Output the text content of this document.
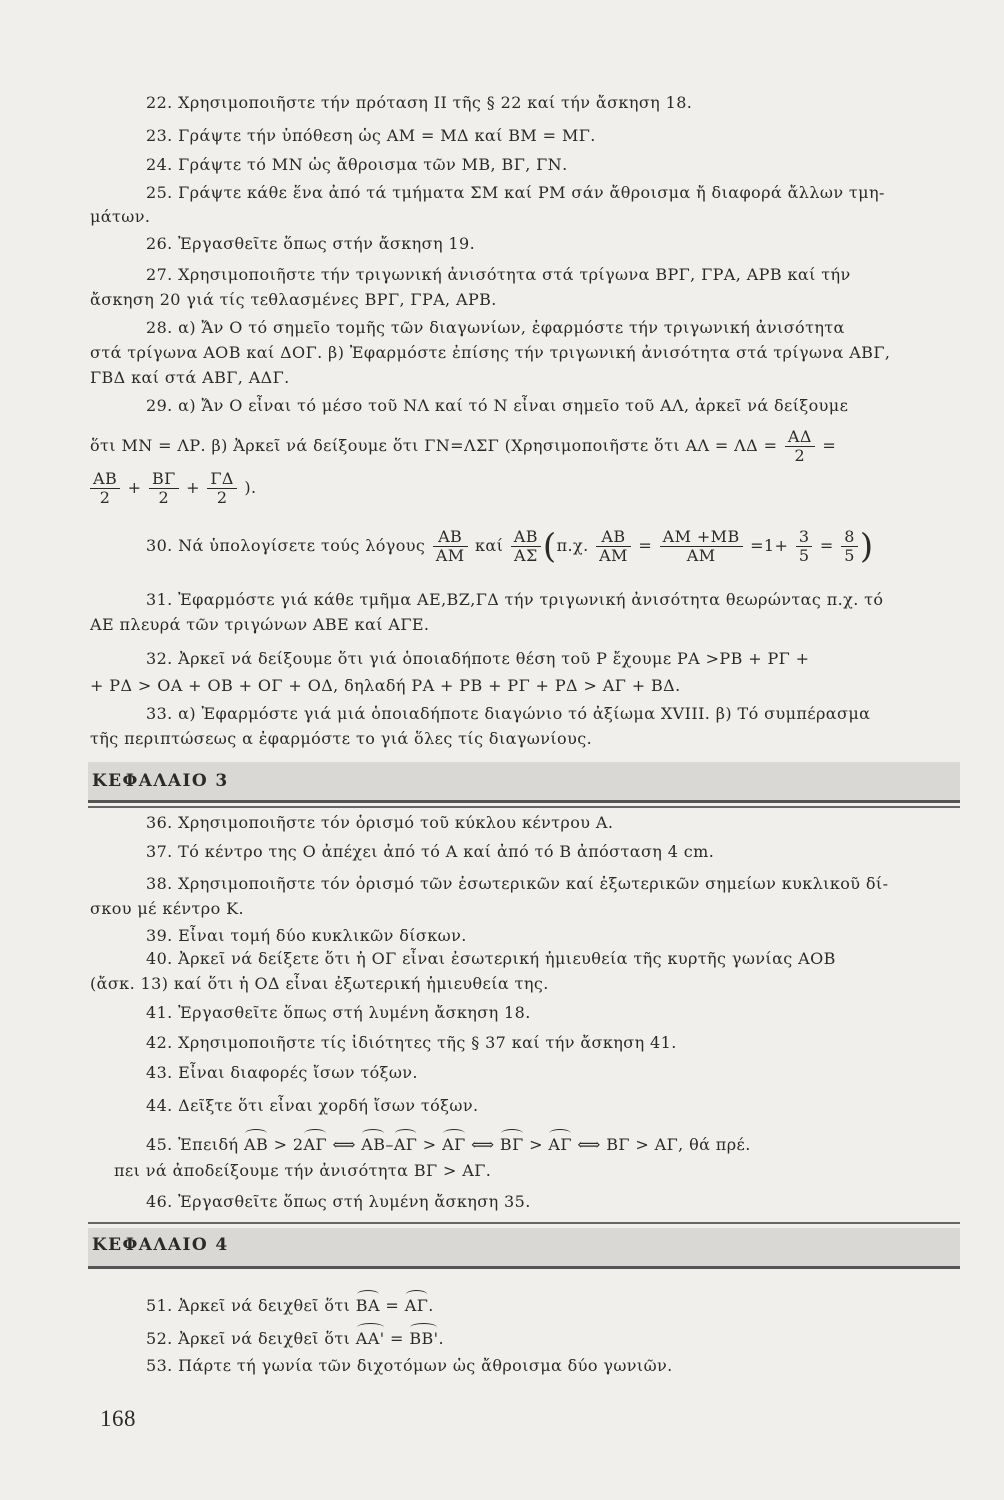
22. Χρησιμοποιῆστε τήν πρόταση II τῆς § 22 καί τήν ἄσκηση 18.
23. Γράψτε τήν ὑπόθεση ὡς ΑΜ = ΜΔ καί ΒΜ = ΜΓ.
24. Γράψτε τό ΜΝ ὡς ἄθροισμα τῶν ΜΒ, ΒΓ, ΓΝ.
25. Γράψτε κάθε ἕνα ἀπό τά τμήματα ΣΜ καί ΡΜ σάν ἄθροισμα ἤ διαφορά ἄλλων τμη-
μάτων.
26. Ἐργασθεῖτε ὅπως στήν ἄσκηση 19.
27. Χρησιμοποιῆστε τήν τριγωνική ἀνισότητα στά τρίγωνα ΒΡΓ, ΓΡΑ, ΑΡΒ καί τήν
ἄσκηση 20 γιά τίς τεθλασμένες ΒΡΓ, ΓΡΑ, ΑΡΒ.
28. α) Ἄν Ο τό σημεῖο τομῆς τῶν διαγωνίων, ἐφαρμόστε τήν τριγωνική ἀνισότητα
στά τρίγωνα ΑΟΒ καί ΔΟΓ. β) Ἐφαρμόστε ἐπίσης τήν τριγωνική ἀνισότητα στά τρίγωνα ΑΒΓ,
ΓΒΔ καί στά ΑΒΓ, ΑΔΓ.
29. α) Ἄν Ο εἶναι τό μέσο τοῦ ΝΛ καί τό Ν εἶναι σημεῖο τοῦ ΑΛ, ἀρκεῖ νά δείξουμε
ὅτι ΜΝ = ΛΡ. β) Ἀρκεῖ νά δείξουμε ὅτι ΓΝ=ΛΣΓ (Χρησιμοποιῆστε ὅτι $A\Lambda = \Lambda\Delta = \frac{A\Delta}{2}$ =
$\frac{AB}{2} + \frac{B\Gamma}{2} + \frac{\Gamma\Delta}{2}$ ).
30. Νά ὑπολογίσετε τούς λόγους $\frac{AB}{AM}$ καί $\frac{AB}{A\Sigma} (\pi.\chi$. $\frac{AB}{AM} = \frac{AM +MB}{AM} =1+ \frac{3}{5} = \frac{8}{5}$ )
31. Ἐφαρμόστε γιά κάθε τμῆμα ΑΕ,ΒΖ,ΓΔ τήν τριγωνική ἀνισότητα θεωρώντας π.χ. τό
ΑΕ πλευρά τῶν τριγώνων ΑΒΕ καί ΑΓΕ.
32. Ἀρκεῖ νά δείξουμε ὅτι γιά ὁποιαδήποτε θέση τοῦ Ρ ἔχουμε ΡΑ >ΡΒ + ΡΓ +
+ ΡΔ > ΟΑ + ΟΒ + ΟΓ + ΟΔ, δηλαδή ΡΑ + ΡΒ + ΡΓ + ΡΔ > ΑΓ + ΒΔ.
33. α) Ἐφαρμόστε γιά μιά ὁποιαδήποτε διαγώνιο τό ἀξίωμα XVIII. β) Τό συμπέρασμα
τῆς περιπτώσεως α ἐφαρμόστε το γιά ὅλες τίς διαγωνίους.
ΚΕΦΑΛΑΙΟ 3
36. Χρησιμοποιῆστε τόν ὁρισμό τοῦ κύκλου κέντρου Α.
37. Τό κέντρο της Ο ἀπέχει ἀπό τό Α καί ἀπό τό Β ἀπόσταση 4 cm.
38. Χρησιμοποιῆστε τόν ὁρισμό τῶν ἐσωτερικῶν καί ἐξωτερικῶν σημείων κυκλικοῦ δί-
σκου μέ κέντρο Κ.
39. Εἶναι τομή δύο κυκλικῶν δίσκων.
40. Ἀρκεῖ νά δείξετε ὅτι ἡ ΟΓ εἶναι ἐσωτερική ἡμιευθεία τῆς κυρτῆς γωνίας ΑΟΒ
(ἄσκ. 13) καί ὅτι ἡ ΟΔ εἶναι ἐξωτερική ἡμιευθεία της.
41. Ἐργασθεῖτε ὅπως στή λυμένη ἄσκηση 18.
42. Χρησιμοποιῆστε τίς ἰδιότητες τῆς § 37 καί τήν ἄσκηση 41.
43. Εἶναι διαφορές ἴσων τόξων.
44. Δεῖξτε ὅτι εἶναι χορδή ἴσων τόξων.
45. Ἐπειδή ΑΒ > 2ΑΓ ⟺ ΑΒ–ΑΓ > ΑΓ ⟺ ΒΓ > ΑΓ ⟺ ΒΓ > ΑΓ, θά πρέ.
πει νά ἀποδείξουμε τήν ἀνισότητα ΒΓ > ΑΓ.
46. Ἐργασθεῖτε ὅπως στή λυμένη ἄσκηση 35.
ΚΕΦΑΛΑΙΟ 4
51. Ἀρκεῖ νά δειχθεῖ ὅτι ΒΑ = ΑΓ.
52. Ἀρκεῖ νά δειχθεῖ ὅτι ΑΑ' = ΒΒ'.
53. Πάρτε τή γωνία τῶν διχοτόμων ὡς ἄθροισμα δύο γωνιῶν.
168
